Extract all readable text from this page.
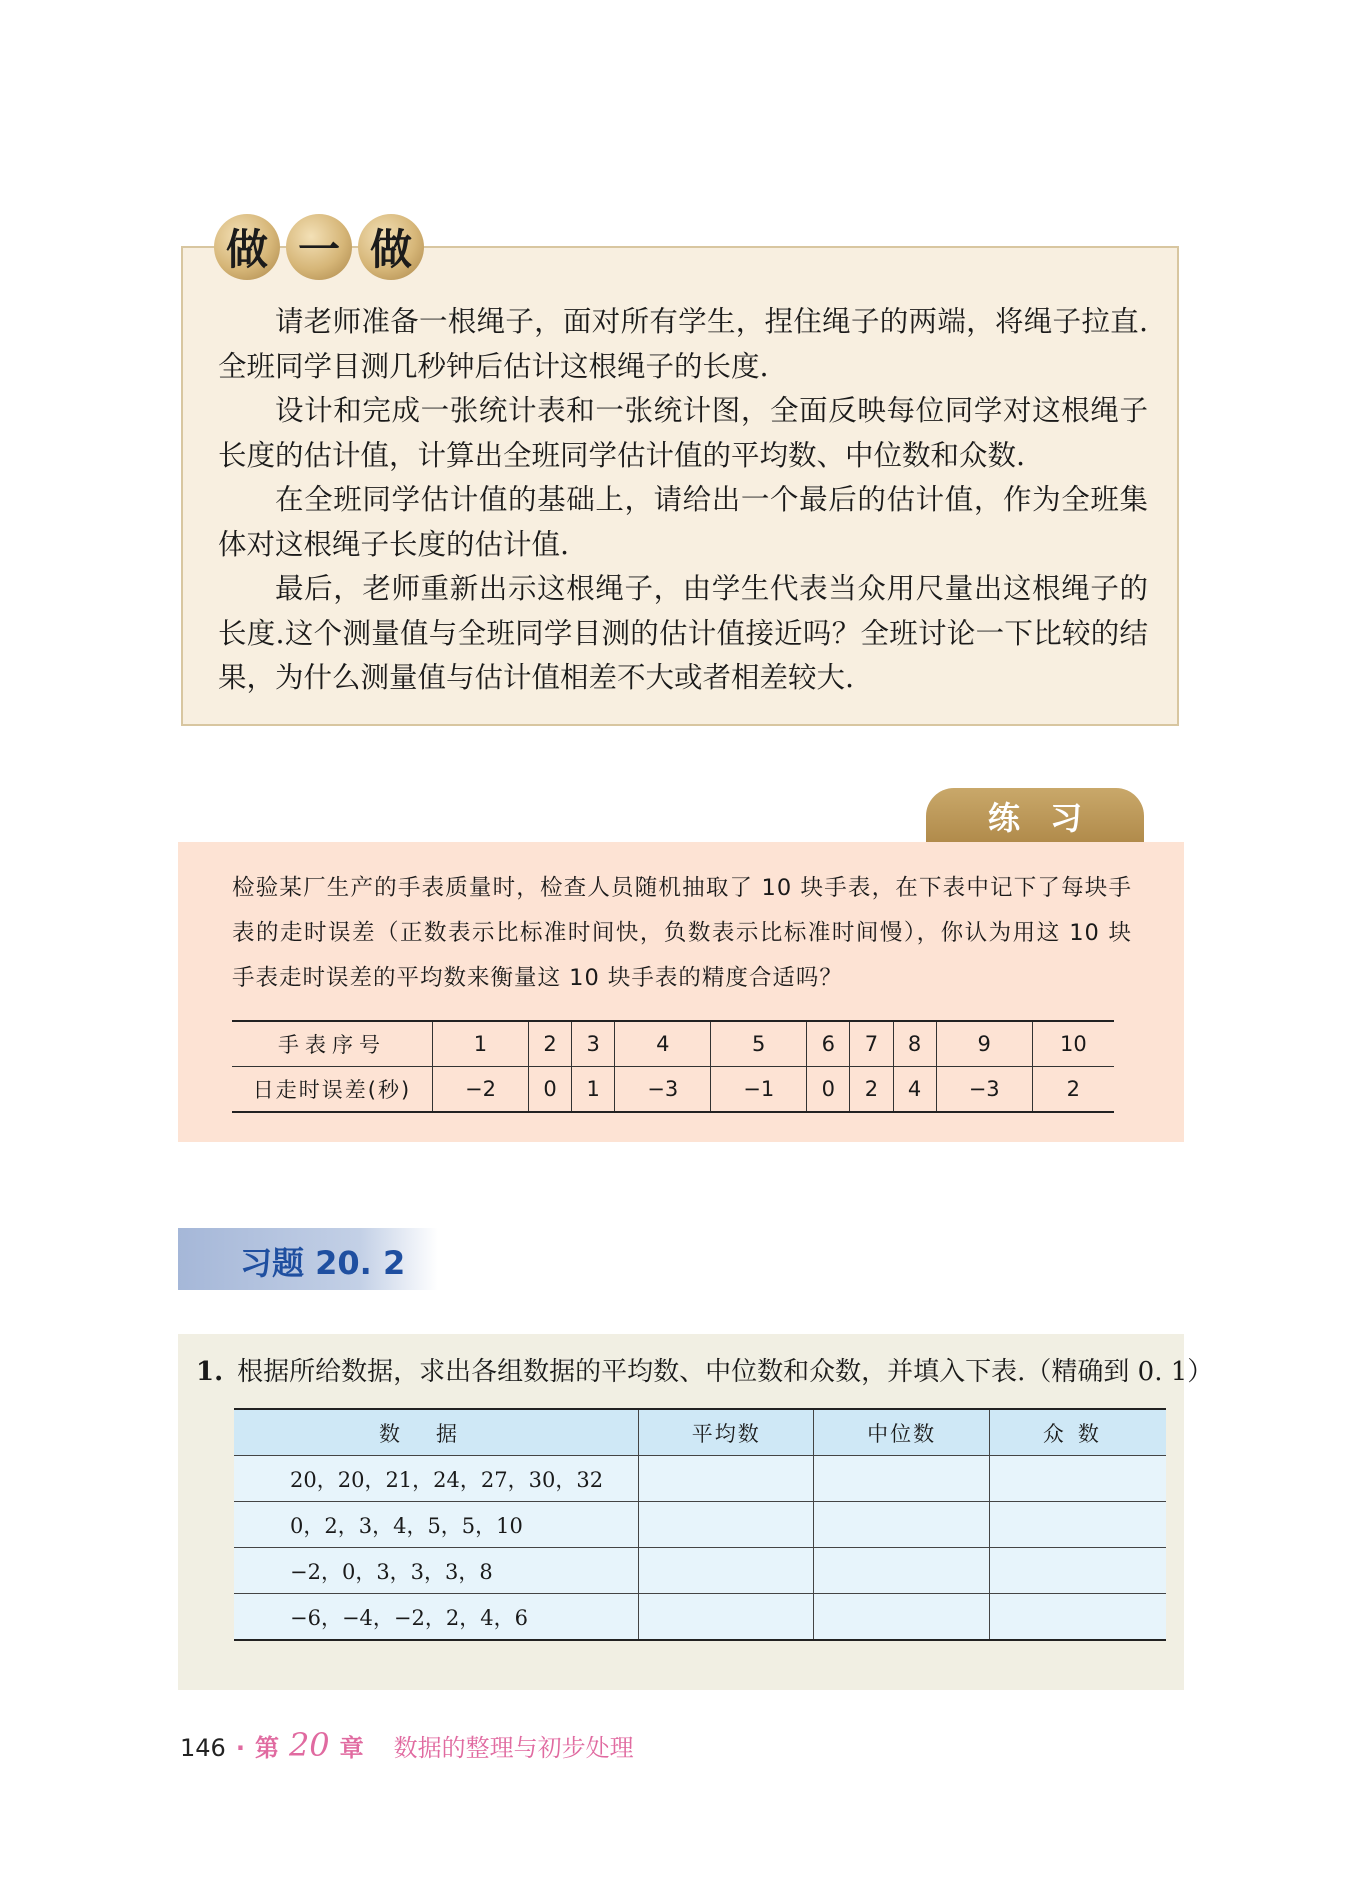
做 一 做

请老师准备一根绳子，面对所有学生，捏住绳子的两端，将绳子拉直.全班同学目测几秒钟后估计这根绳子的长度.

设计和完成一张统计表和一张统计图，全面反映每位同学对这根绳子长度的估计值，计算出全班同学估计值的平均数、中位数和众数.

在全班同学估计值的基础上，请给出一个最后的估计值，作为全班集体对这根绳子长度的估计值.

最后，老师重新出示这根绳子，由学生代表当众用尺量出这根绳子的长度.这个测量值与全班同学目测的估计值接近吗？全班讨论一下比较的结果，为什么测量值与估计值相差不大或者相差较大.

练习

检验某厂生产的手表质量时，检查人员随机抽取了 10 块手表，在下表中记下了每块手表的走时误差（正数表示比标准时间快，负数表示比标准时间慢），你认为用这 10 块手表走时误差的平均数来衡量这 10 块手表的精度合适吗？

手表序号	1	2	3	4	5	6	7	8	9	10
日走时误差(秒)	−2	0	1	−3	−1	0	2	4	−3	2
习题 20. 2
1. 根据所给数据，求出各组数据的平均数、中位数和众数，并填入下表.（精确到 0. 1）
数据	平均数	中位数	众数
20，20，21，24，27，30，32			
0，2，3，4，5，5，10			
−2，0，3，3，3，8			
−6，−4，−2，2，4，6			
146 · 第 20 章 数据的整理与初步处理
